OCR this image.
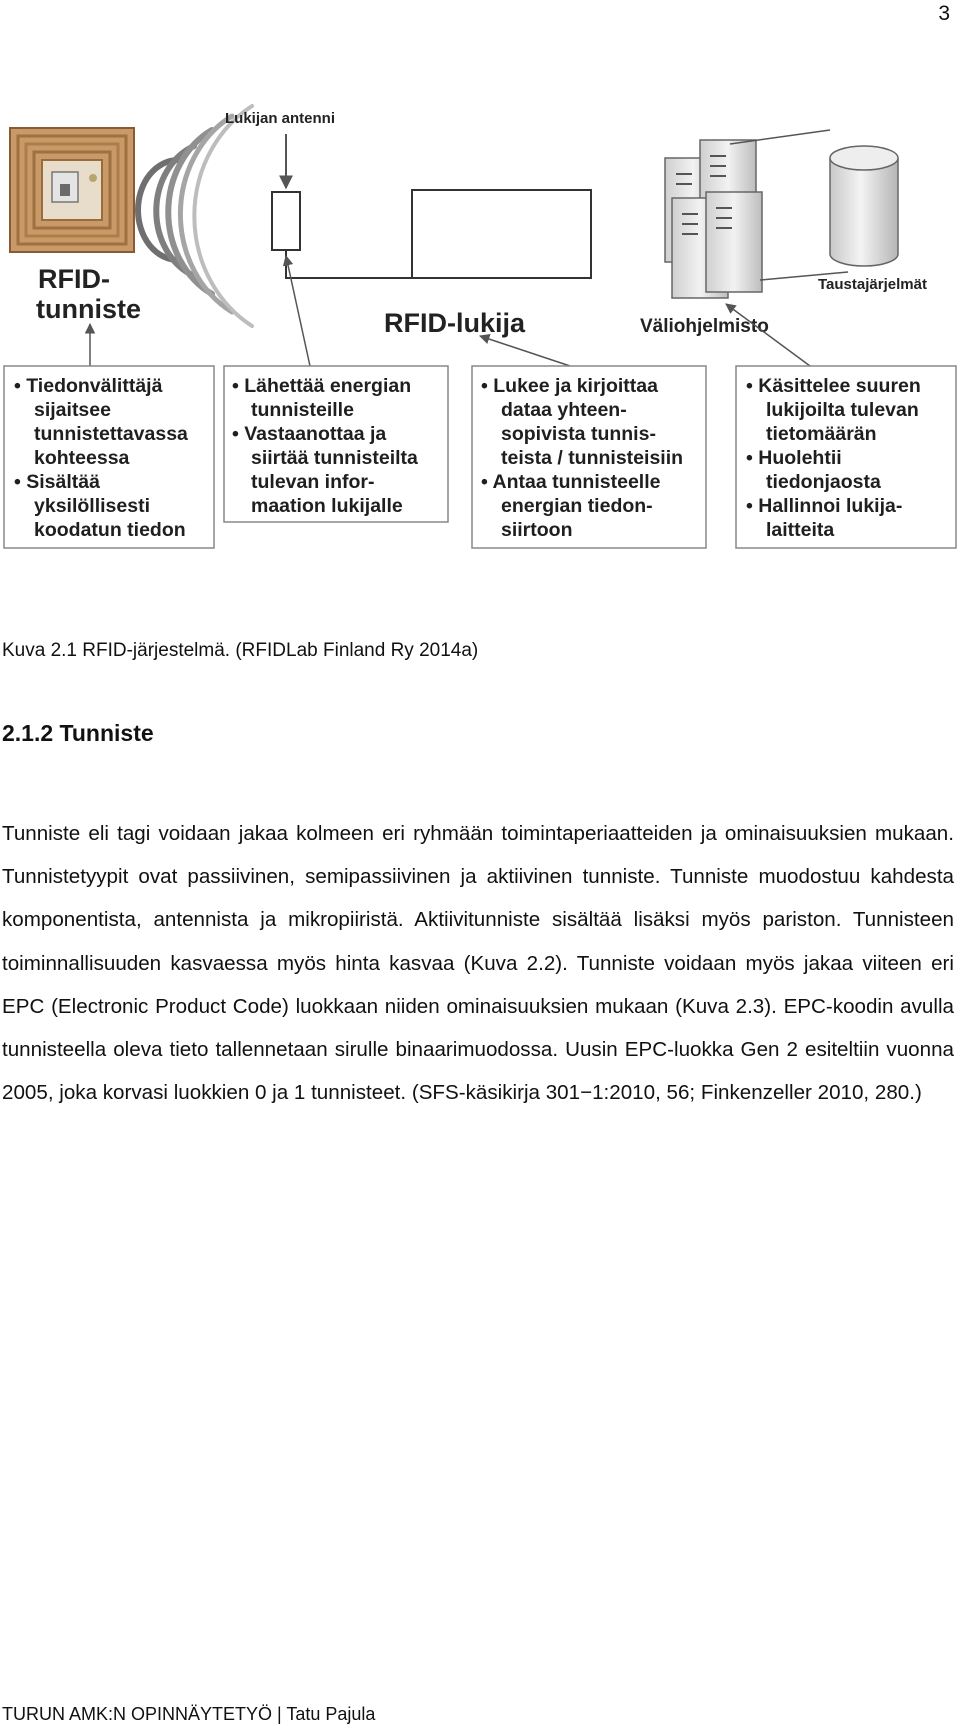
3
Lukijan antenni
Taustajärjelmät
RFID-
tunniste	RFID-lukija	Väliohjelmisto
• Tiedonvälittäjä
sijaitsee
tunnistettavassa
kohteessa
• Sisältää
yksilöllisesti
koodatun tiedon
• Lähettää energian
tunnisteille
• Vastaanottaa ja
siirtää tunnisteilta
tulevan infor-
maation lukijalle
• Lukee ja kirjoittaa
dataa yhteen-
sopivista tunnis-
teista / tunnisteisiin
• Antaa tunnisteelle
energian tiedon-
siirtoon
• Käsittelee suuren
lukijoilta tulevan
tietomäärän
• Huolehtii
tiedonjaosta
• Hallinnoi lukija-
laitteita
Kuva 2.1 RFID-järjestelmä. (RFIDLab Finland Ry 2014a)
2.1.2 Tunniste

Tunniste eli tagi voidaan jakaa kolmeen eri ryhmään toimintaperiaatteiden ja ominaisuuksien mukaan. Tunnistetyypit ovat passiivinen, semipassiivinen ja aktiivinen tunniste. Tunniste muodostuu kahdesta komponentista, antennista ja mikropiiristä. Aktiivitunniste sisältää lisäksi myös pariston. Tunnisteen toiminnallisuuden kasvaessa myös hinta kasvaa (Kuva 2.2). Tunniste voidaan myös jakaa viiteen eri EPC (Electronic Product Code) luokkaan niiden ominaisuuksien mukaan (Kuva 2.3). EPC-koodin avulla tunnisteella oleva tieto tallennetaan sirulle binaarimuodossa. Uusin EPC-luokka Gen 2 esiteltiin vuonna 2005, joka korvasi luokkien 0 ja 1 tunnisteet. (SFS-käsikirja 301−1:2010, 56; Finkenzeller 2010, 280.)

TURUN AMK:N OPINNÄYTETYÖ | Tatu Pajula
